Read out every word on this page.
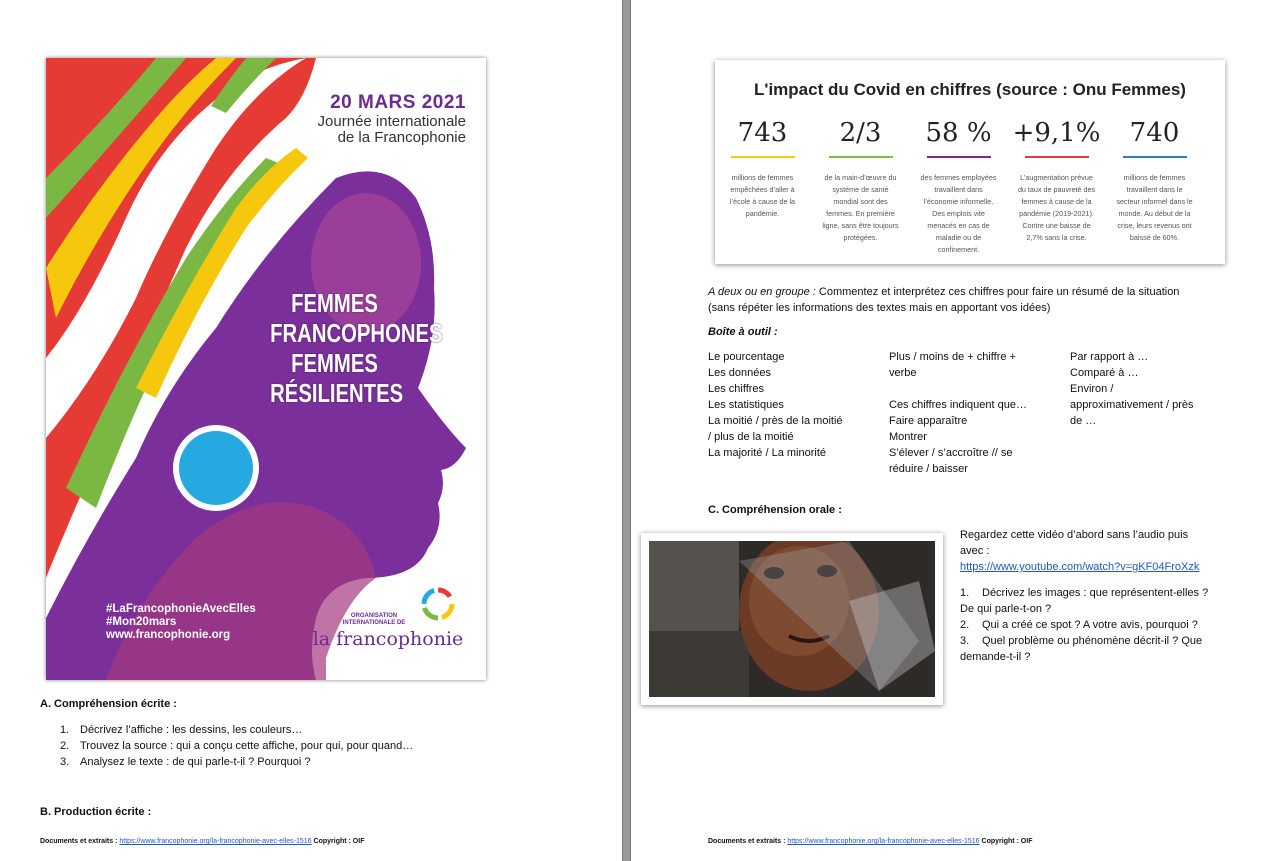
20 MARS 2021
Journée internationale
de la Francophonie
FEMMES
FRANCOPHONES
FEMMES
RÉSILIENTES
#LaFrancophonieAvecElles
#Mon20mars
www.francophonie.org
ORGANISATION
INTERNATIONALE DE
la francophonie
A. Compréhension écrite :
1. Décrivez l’affiche : les dessins, les couleurs…
2. Trouvez la source : qui a conçu cette affiche, pour qui, pour quand…
3. Analysez le texte : de qui parle-t-il ? Pourquoi ?
B. Production écrite :
Documents et extraits : https://www.francophonie.org/la-francophonie-avec-elles-1516 Copyright : OIF
L'impact du Covid en chiffres (source : Onu Femmes)
743
millions de femmes
empêchées d’aller à
l’école à cause de la
pandémie.
2/3
de la main-d’œuvre du
système de santé
mondial sont des
femmes. En première
ligne, sans être toujours
protégées.
58 %
des femmes employées
travaillent dans
l’économie informelle.
Des emplois vite
menacés en cas de
maladie ou de
confinement.
+9,1%
L’augmentation prévue
du taux de pauvreté des
femmes à cause de la
pandémie (2019-2021).
Contre une baisse de
2,7% sans la crise.
740
millions de femmes
travaillent dans le
secteur informel dans le
monde. Au début de la
crise, leurs revenus ont
baissé de 60%.
A deux ou en groupe : Commentez et interprétez ces chiffres pour faire un résumé de la situation
(sans répéter les informations des textes mais en apportant vos idées)
Boîte à outil :
Le pourcentage
Les données
Les chiffres
Les statistiques
La moitié / près de la moitié
/ plus de la moitié
La majorité / La minorité
Plus / moins de + chiffre +
verbe
Ces chiffres indiquent que…
Faire apparaître
Montrer
S’élever / s’accroître // se
réduire / baisser
Par rapport à …
Comparé à …
Environ /
approximativement / près
de …
C. Compréhension orale :
Regardez cette vidéo d’abord sans l’audio puis
avec :
https://www.youtube.com/watch?v=gKF04FroXzk
1. Décrivez les images : que représentent-elles ?
De qui parle-t-on ?
2. Qui a créé ce spot ? A votre avis, pourquoi ?
3. Quel problème ou phénomène décrit-il ? Que
demande-t-il ?
Documents et extraits : https://www.francophonie.org/la-francophonie-avec-elles-1516 Copyright : OIF
